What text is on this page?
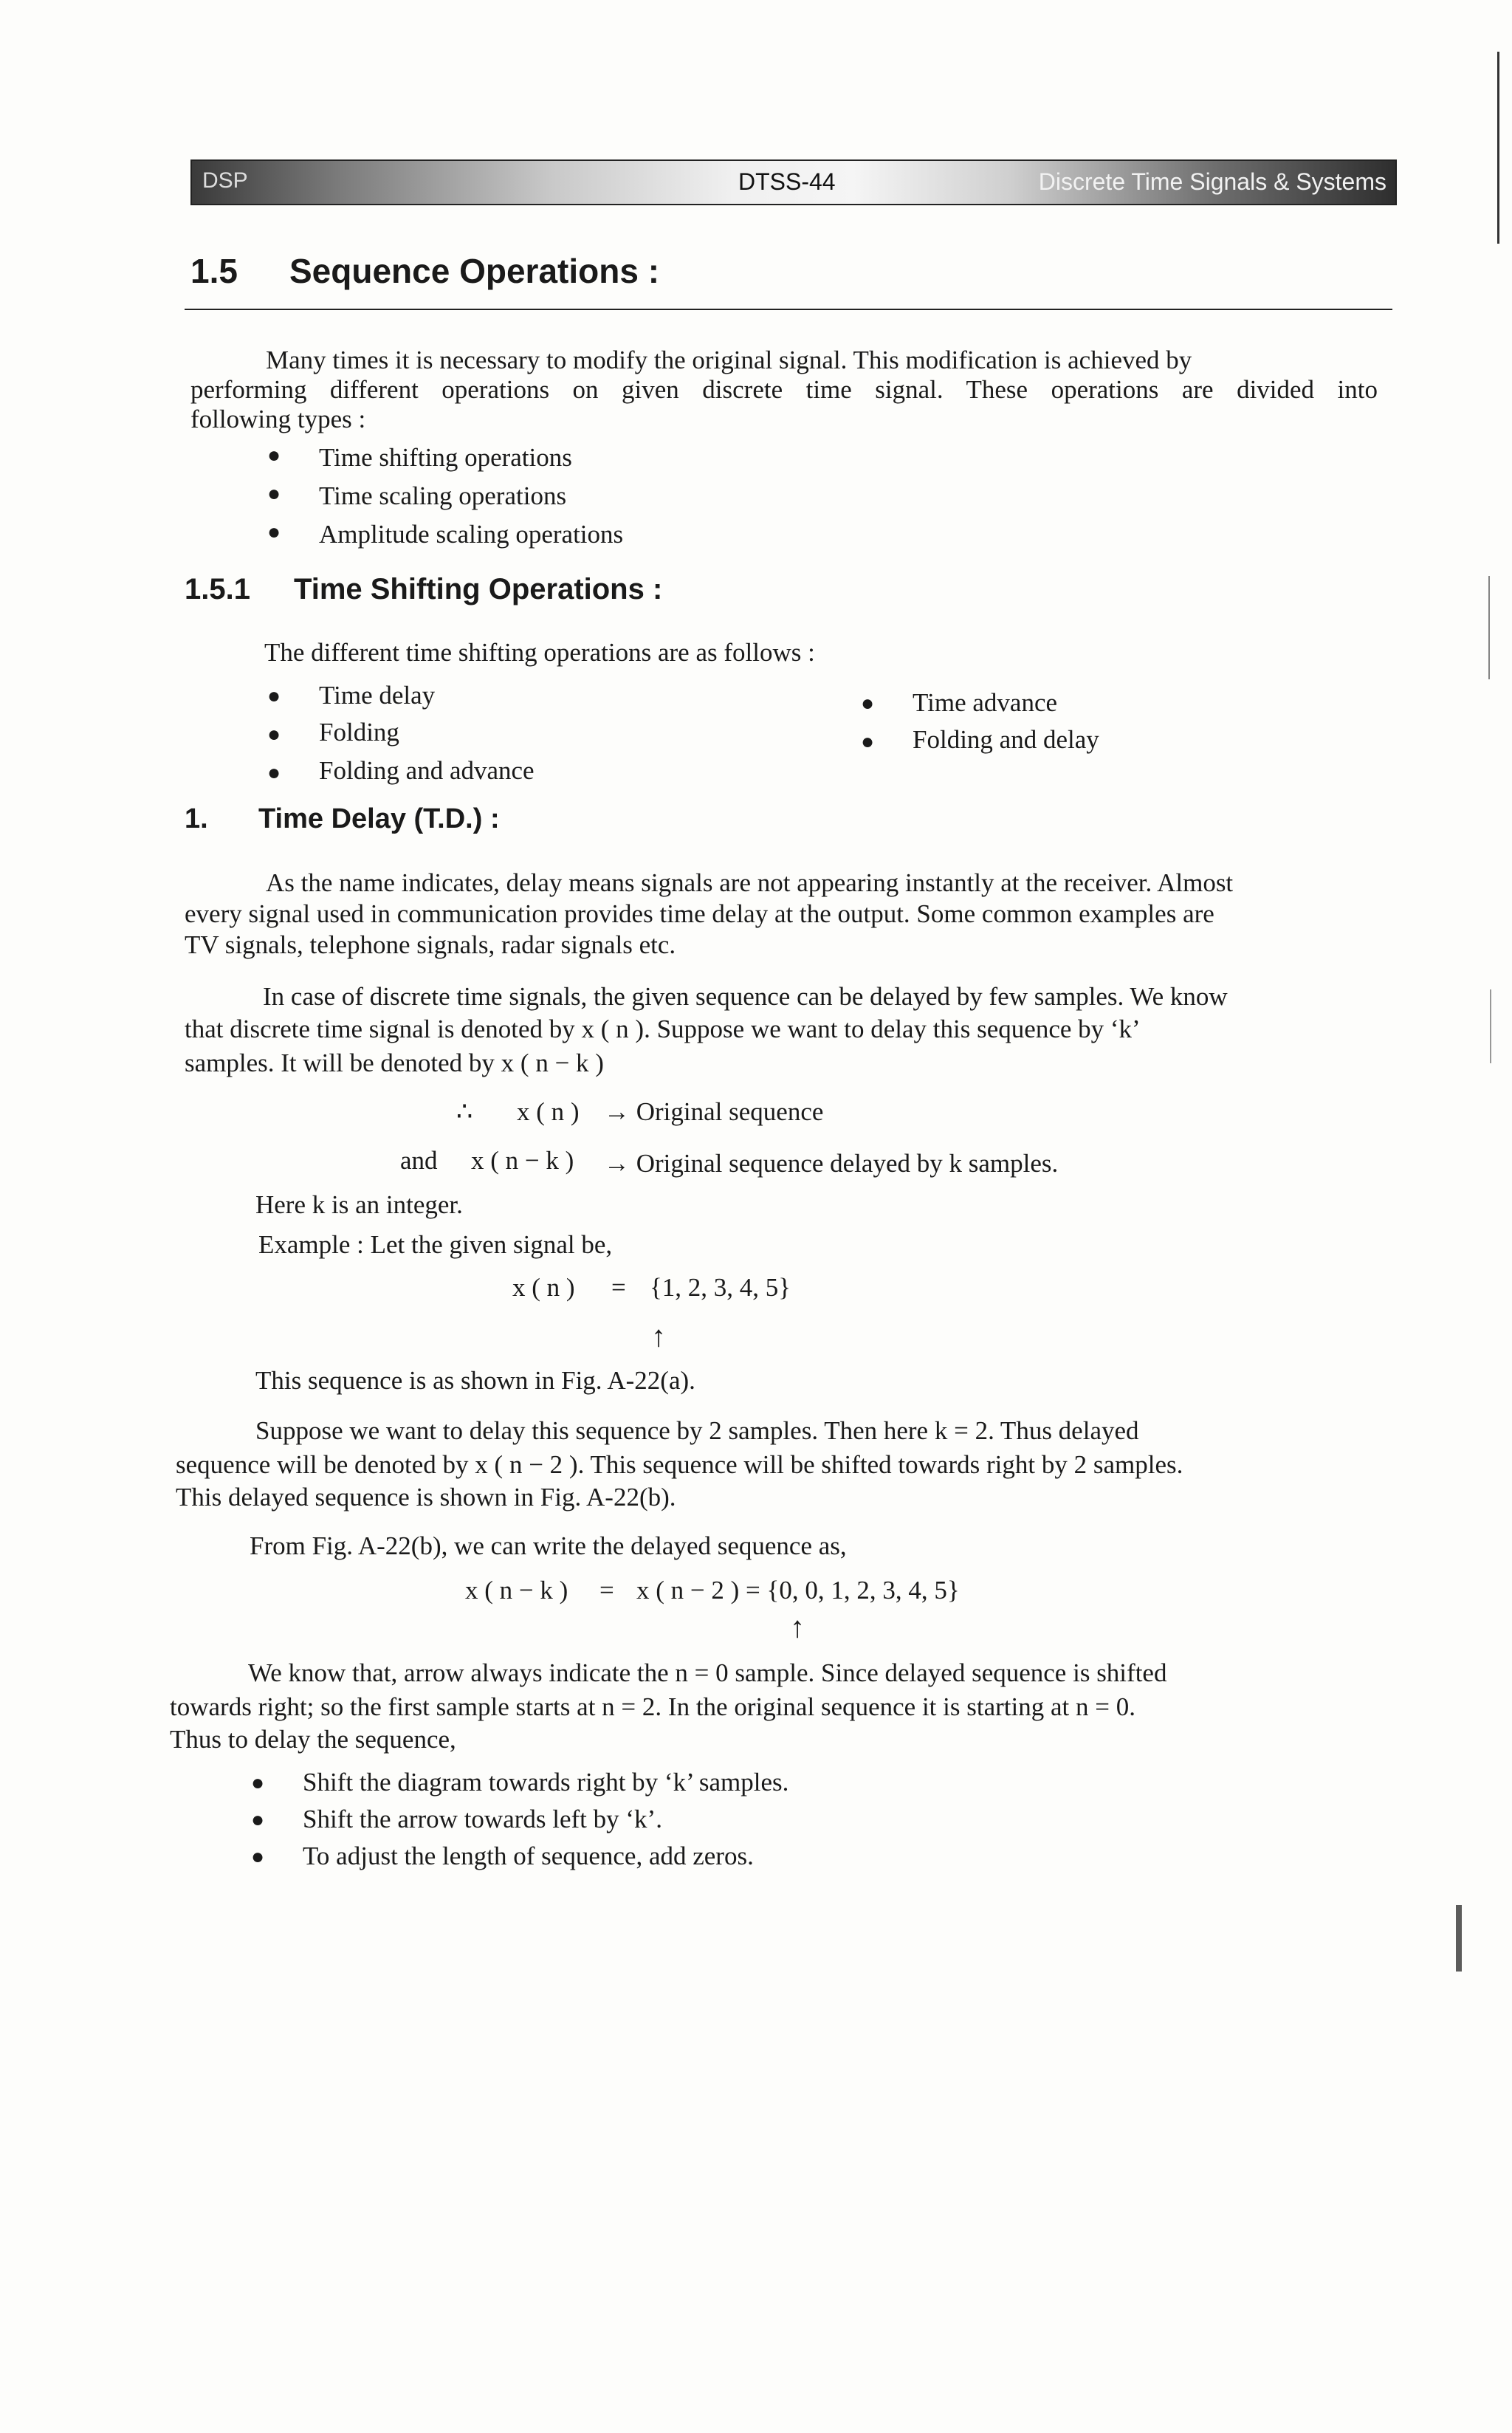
DSP	DTSS-44	Discrete Time Signals & Systems
1.5 Sequence Operations :
Many times it is necessary to modify the original signal. This modification is achieved by
performing different operations on given discrete time signal. These operations are divided into
following types :
● Time shifting operations
● Time scaling operations
● Amplitude scaling operations
1.5.1 Time Shifting Operations :
The different time shifting operations are as follows :
● Time delay
● Folding
● Folding and advance
● Time advance
● Folding and delay
1. Time Delay (T.D.) :
As the name indicates, delay means signals are not appearing instantly at the receiver. Almost
every signal used in communication provides time delay at the output. Some common examples are
TV signals, telephone signals, radar signals etc.
In case of discrete time signals, the given sequence can be delayed by few samples. We know
that discrete time signal is denoted by x ( n ). Suppose we want to delay this sequence by ‘k’
samples. It will be denoted by x ( n − k )
∴ x ( n ) → Original sequence
and x ( n − k ) → Original sequence delayed by k samples.
Here k is an integer.
Example : Let the given signal be,
x ( n ) = {1, 2, 3, 4, 5}
↑
This sequence is as shown in Fig. A-22(a).
Suppose we want to delay this sequence by 2 samples. Then here k = 2. Thus delayed
sequence will be denoted by x ( n − 2 ). This sequence will be shifted towards right by 2 samples.
This delayed sequence is shown in Fig. A-22(b).
From Fig. A-22(b), we can write the delayed sequence as,
x ( n − k ) = x ( n − 2 ) = {0, 0, 1, 2, 3, 4, 5}
↑
We know that, arrow always indicate the n = 0 sample. Since delayed sequence is shifted
towards right; so the first sample starts at n = 2. In the original sequence it is starting at n = 0.
Thus to delay the sequence,
● Shift the diagram towards right by ‘k’ samples.
● Shift the arrow towards left by ‘k’.
● To adjust the length of sequence, add zeros.
